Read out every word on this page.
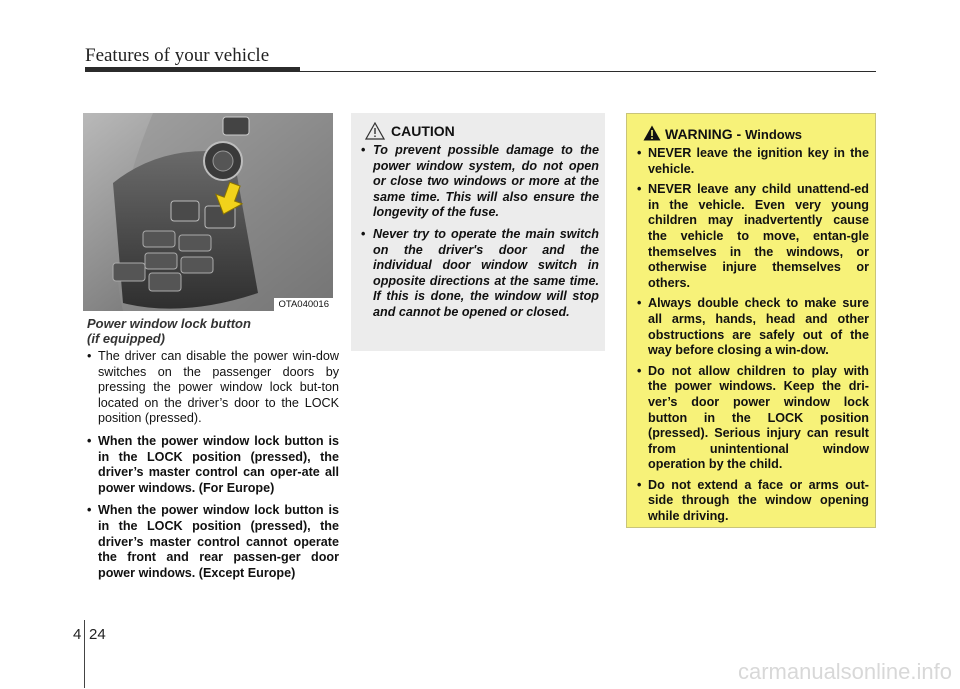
Features of your vehicle
OTA040016
Power window lock button
(if equipped)
• The driver can disable the power win-dow switches on the passenger doors by pressing the power window lock but-ton located on the driver’s door to the LOCK position (pressed).
• When the power window lock button is in the LOCK position (pressed), the driver’s master control can oper-ate all power windows. (For Europe)
• When the power window lock button is in the LOCK position (pressed), the driver’s master control cannot operate the front and rear passen-ger door power windows. (Except Europe)
CAUTION
• To prevent possible damage to the power window system, do not open or close two windows or more at the same time. This will also ensure the longevity of the fuse.
• Never try to operate the main switch on the driver's door and the individual door window switch in opposite directions at the same time. If this is done, the window will stop and cannot be opened or closed.
WARNING - Windows
• NEVER leave the ignition key in the vehicle.
• NEVER leave any child unattend-ed in the vehicle. Even very young children may inadvertently cause the vehicle to move, entan-gle themselves in the windows, or otherwise injure themselves or others.
• Always double check to make sure all arms, hands, head and other obstructions are safely out of the way before closing a win-dow.
• Do not allow children to play with the power windows. Keep the dri-ver’s door power window lock button in the LOCK position (pressed). Serious injury can result from unintentional window operation by the child.
• Do not extend a face or arms out-side through the window opening while driving.
4 24
carmanualsonline.info
